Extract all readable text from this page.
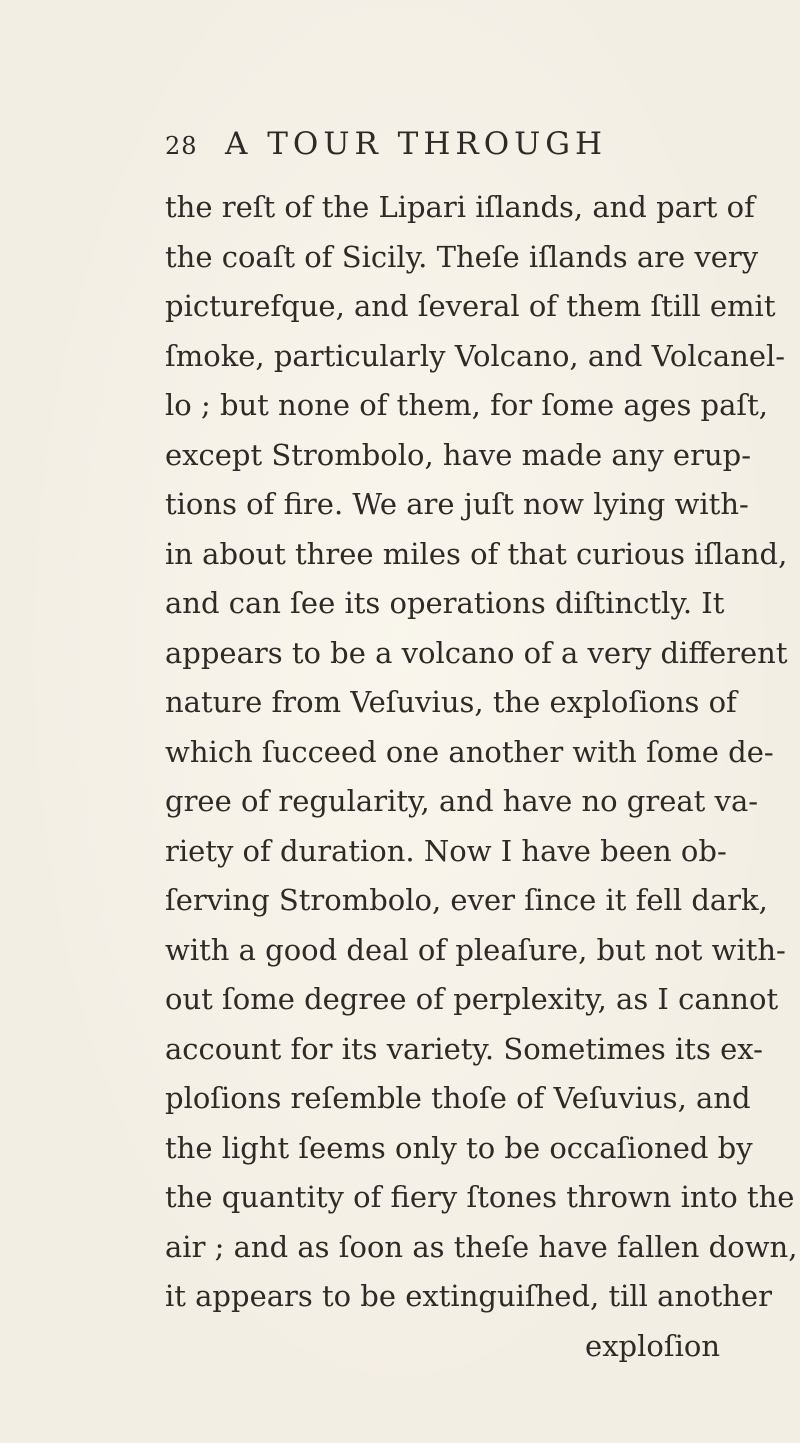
28 A TOUR THROUGH
the reſt of the Lipari iſlands, and part of
the coaſt of Sicily. Theſe iſlands are very
picturefque, and ſeveral of them ſtill emit
ſmoke, particularly Volcano, and Volcanel-
lo ; but none of them, for ſome ages paſt,
except Strombolo, have made any erup-
tions of fire. We are juſt now lying with-
in about three miles of that curious iſland,
and can ſee its operations diſtinctly. It
appears to be a volcano of a very different
nature from Veſuvius, the exploſions of
which ſucceed one another with ſome de-
gree of regularity, and have no great va-
riety of duration. Now I have been ob-
ſerving Strombolo, ever ſince it fell dark,
with a good deal of pleaſure, but not with-
out ſome degree of perplexity, as I cannot
account for its variety. Sometimes its ex-
ploſions reſemble thoſe of Veſuvius, and
the light ſeems only to be occaſioned by
the quantity of fiery ſtones thrown into the
air ; and as ſoon as theſe have fallen down,
it appears to be extinguiſhed, till another
exploſion
